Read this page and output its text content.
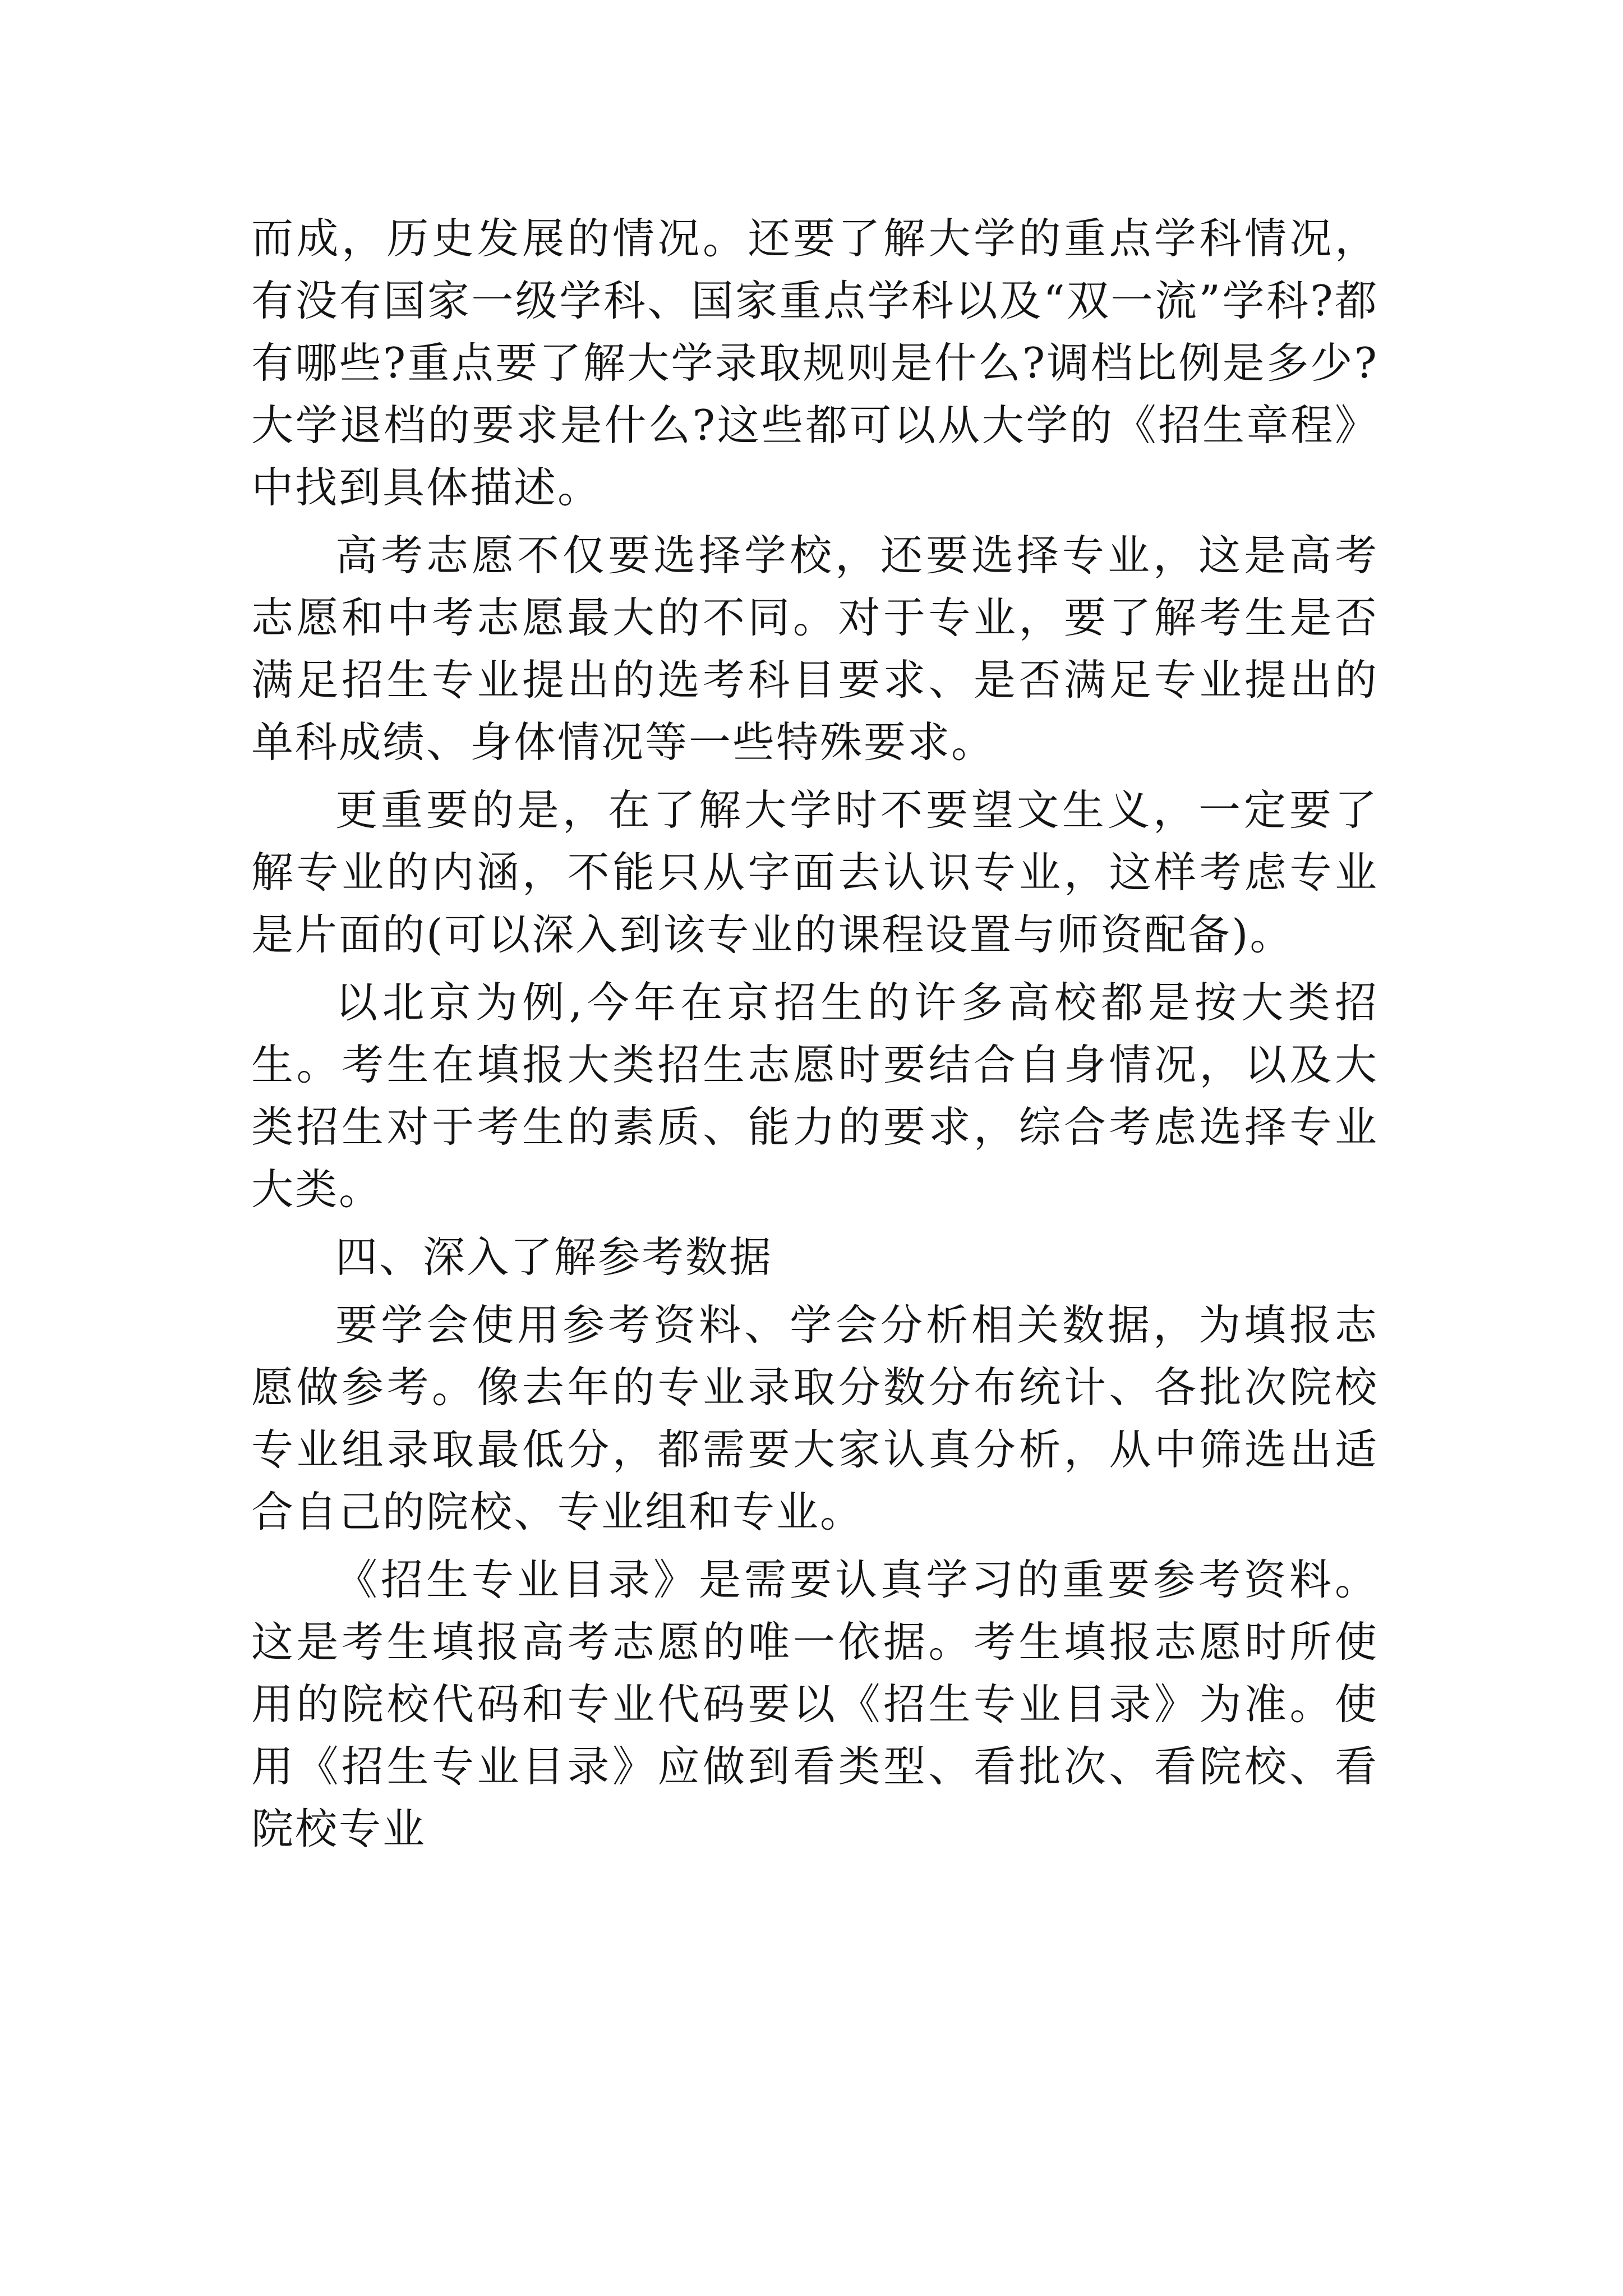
而成，历史发展的情况。还要了解大学的重点学科情况，有没有国家一级学科、国家重点学科以及“双一流”学科?都有哪些?重点要了解大学录取规则是什么?调档比例是多少?大学退档的要求是什么?这些都可以从大学的《招生章程》中找到具体描述。

高考志愿不仅要选择学校，还要选择专业，这是高考志愿和中考志愿最大的不同。对于专业，要了解考生是否满足招生专业提出的选考科目要求、是否满足专业提出的单科成绩、身体情况等一些特殊要求。

更重要的是，在了解大学时不要望文生义，一定要了解专业的内涵，不能只从字面去认识专业，这样考虑专业是片面的(可以深入到该专业的课程设置与师资配备)。

以北京为例,今年在京招生的许多高校都是按大类招生。考生在填报大类招生志愿时要结合自身情况，以及大类招生对于考生的素质、能力的要求，综合考虑选择专业大类。

四、深入了解参考数据

要学会使用参考资料、学会分析相关数据，为填报志愿做参考。像去年的专业录取分数分布统计、各批次院校专业组录取最低分，都需要大家认真分析，从中筛选出适合自己的院校、专业组和专业。

《招生专业目录》是需要认真学习的重要参考资料。这是考生填报高考志愿的唯一依据。考生填报志愿时所使用的院校代码和专业代码要以《招生专业目录》为准。使用《招生专业目录》应做到看类型、看批次、看院校、看院校专业
